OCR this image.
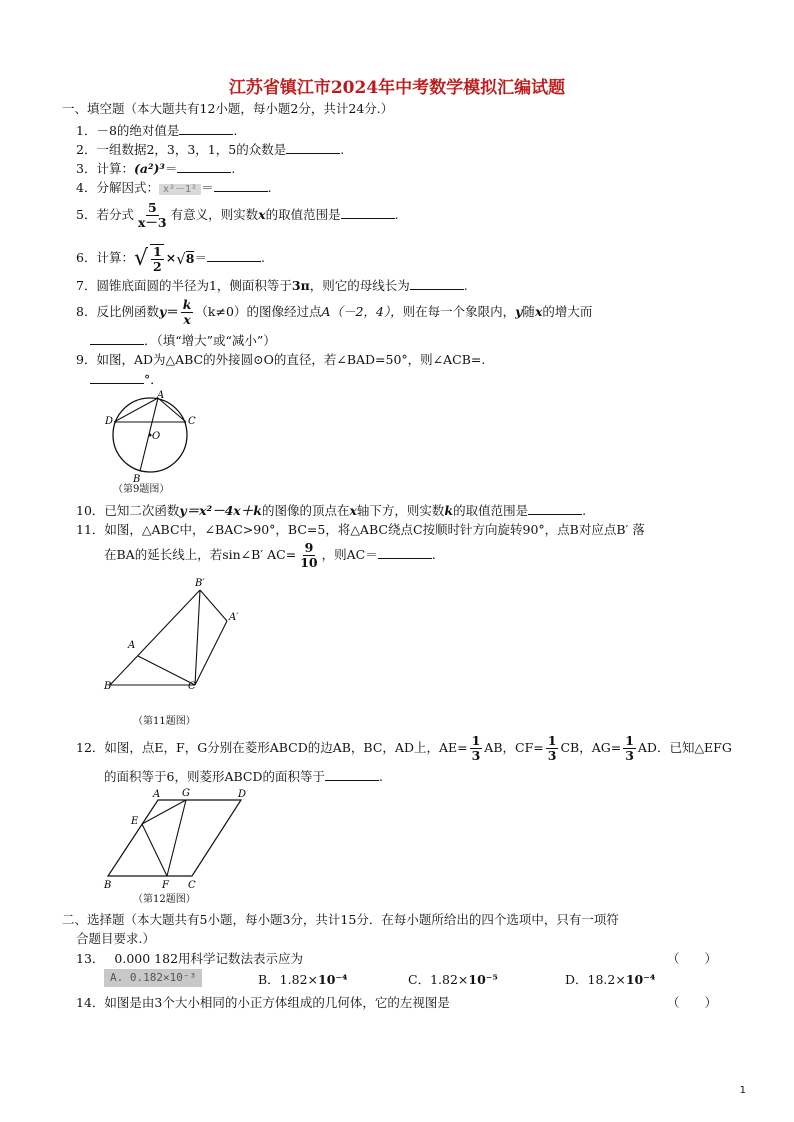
江苏省镇江市2024年中考数学模拟汇编试题
一、填空题（本大题共有12小题，每小题2分，共计24分.）
1．－8的绝对值是	.
2．一组数据2，3，3，1，5的众数是	.
3．计算：(a²)³＝	.
4．分解因式： x²－1² ＝	.
5．若分式 $\frac{5}{x-3}$ 有意义，则实数x的取值范围是	.
6．计算： √ $\frac{1}{2}$ × √ 8 ＝	.
7．圆锥底面圆的半径为1，侧面积等于3π，则它的母线长为	.
8．反比例函数$y= \frac{k}{x} (k\ne 0)$的图像经过点A（－2，4），则在每一个象限内，y随x的增大而
．（填“增大”或“减小”）
9．如图，AD为△ABC的外接圆⊙O的直径，若∠BAD=50°，则∠ACB=.
°．
A
D	C
O
B
（第9题图）
10．已知二次函数y＝x²－4x＋k的图像的顶点在x轴下方，则实数k的取值范围是	.
11．如图，△ABC中，∠BAC>90°，BC=5，将△ABC绕点C按顺时针方向旋转90°，点B对应点B′ 落
在BA的延长线上，若sin∠B′ $AC= \frac{9}{10}$ ，则AC＝	.
B′
A′
A
B	C
（第11题图）
12．如图，点E，F，G分别在菱形ABCD的边AB，BC，AD上，$AE= \frac{1}{3}$ AB，$CF= \frac{1}{3}$ CB，$AG= \frac{1}{3}$ AD．已知△EFG
的面积等于6，则菱形ABCD的面积等于	.
A G	D
E
B	F C
（第12题图）
二、选择题（本大题共有5小题，每小题3分，共计15分．在每小题所给出的四个选项中，只有一项符
合题目要求.）
13． 0.000 182用科学记数法表示应为	（　　）
A. 0.182×10⁻³	B．1.82×10⁻⁴	C．1.82×10⁻⁵	D．18.2×10⁻⁴
14．如图是由3个大小相同的小正方体组成的几何体，它的左视图是	（　　）
1
